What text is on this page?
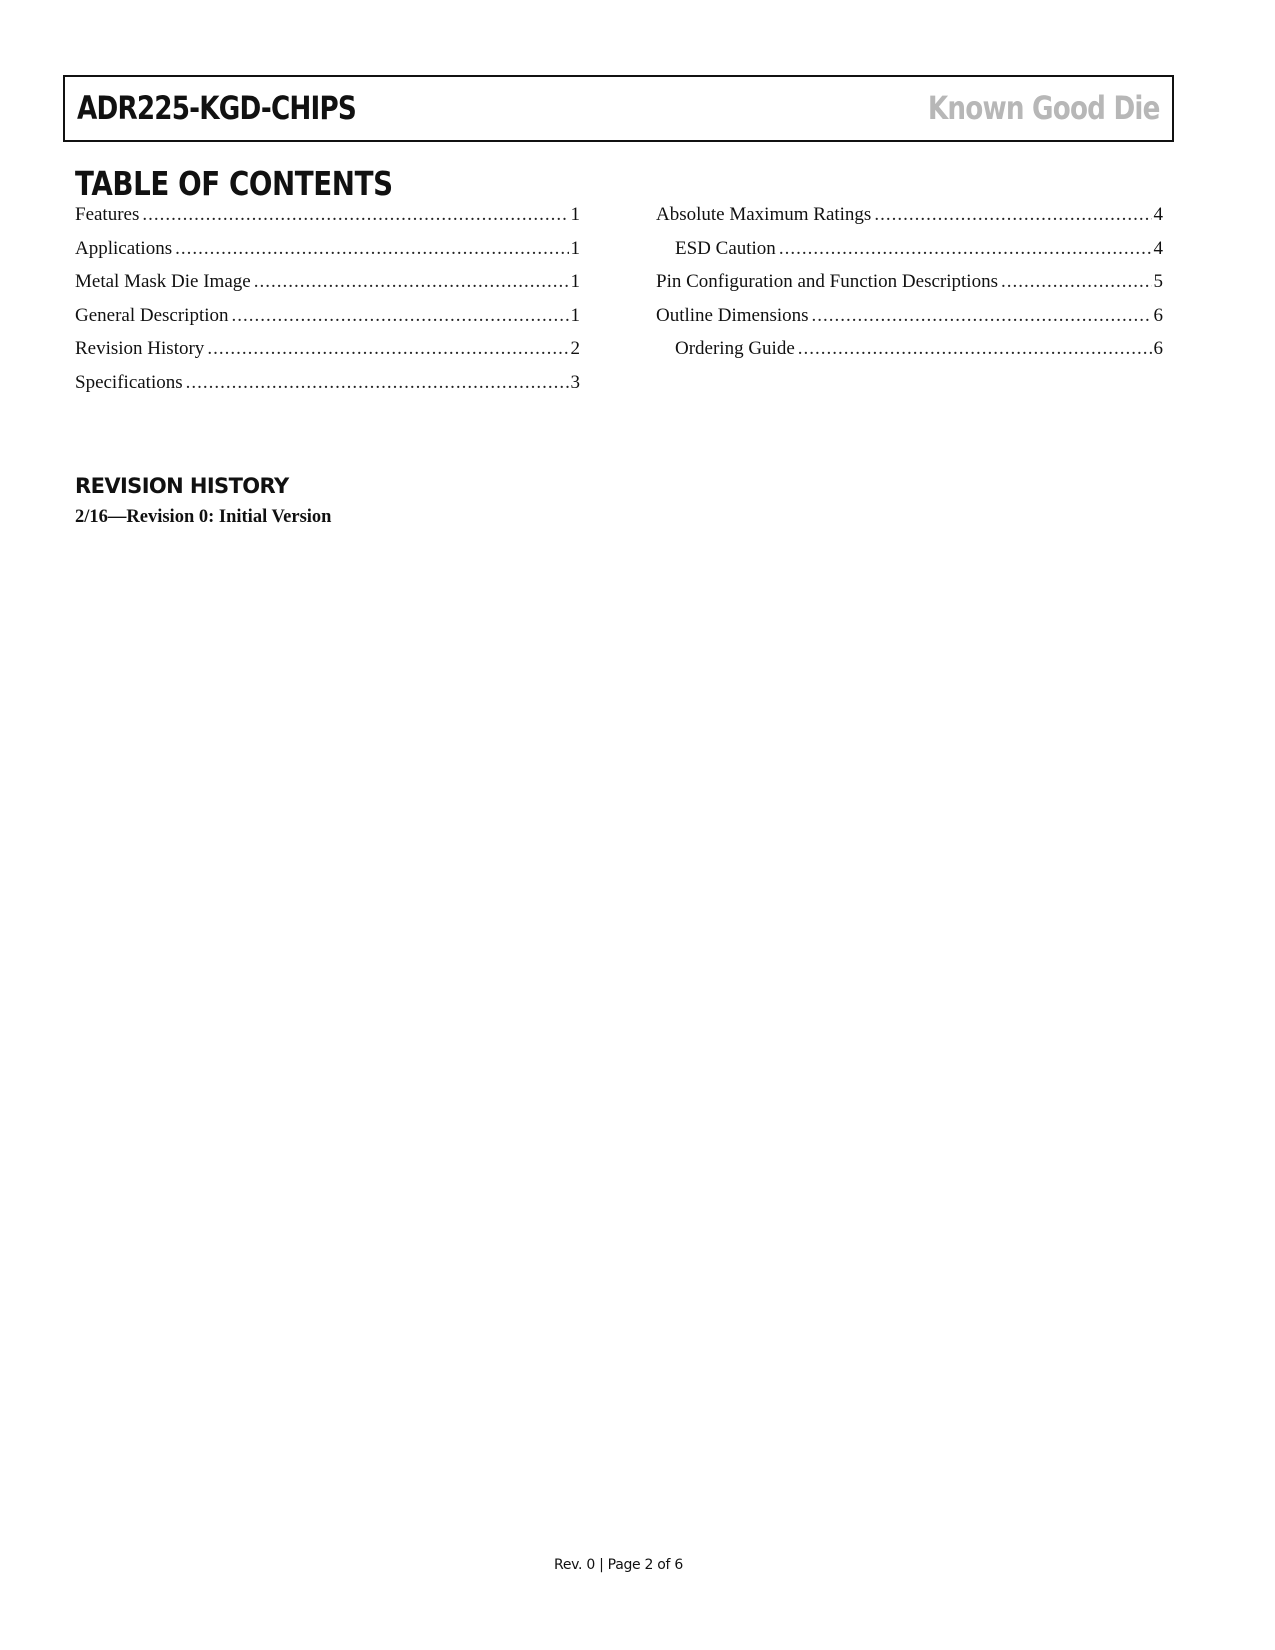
ADR225-KGD-CHIPS	Known Good Die
TABLE OF CONTENTS
Features .....	1
Applications .....	1
Metal Mask Die Image .....	1
General Description .....	1
Revision History .....	2
Specifications .....	3
Absolute Maximum Ratings .....	4
ESD Caution .....	4
Pin Configuration and Function Descriptions .....	5
Outline Dimensions .....	6
Ordering Guide .....	6
REVISION HISTORY

2/16—Revision 0: Initial Version

Rev. 0 | Page 2 of 6
